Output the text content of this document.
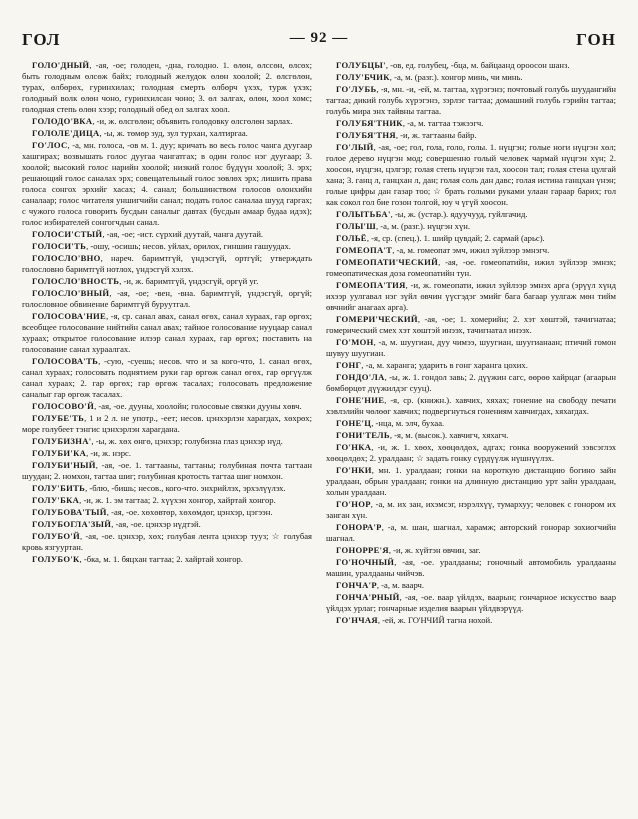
ГОЛ	— 92 —	ГОН

ГОЛО'ДНЫЙ, -ая, -ое; голоден, -дна, голодно. 1. өлөн, өлссөн, өлсөх; быть голодным өлсөж байх; голодный желудок өлөн хоолой; 2. өлсгөлөн, турах, өлбөрөх, гуринхилах; голодная смерть өлбөрч үхэх, турж үхэх; голодный волк өлөн чоно, гуринхилсан чоно; 3. өл залгах, өлөн, хоол хомс; голодная степь өлөн хээр; голодный обед өл залгах хоол.

ГОЛОДО'ВКА, -и, ж. өлсгөлөн; объявить голодовку өлсгөлөн зарлах.

ГОЛОЛЕ'ДИЦА, -ы, ж. төмөр зуд, зул турхан, халтиргаа.

ГО'ЛОС, -а, мн. голоса, -ов м. 1. дуу; кричать во весь голос чанга дуугаар хашгирах; возвышать голос дуугаа чангатгах; в один голос нэг дуугаар; 3. хоолой; высокий голос нарийн хоолой; низкий голос бүдүүн хоолой; 3. эрх; решающий голос саналах эрх; совещательный голос зөвлөх эрх; лишить права голоса сонгох эрхийг хасах; 4. санал; большинством голосов олонхийн саналаар; голос читателя уншигчийн санал; подать голос саналаа шууд гаргах; с чужого голоса говорить бусдын саналыг давтах (бусдын амаар будаа идэх); голос избирателей сонгогчдын санал.

ГОЛОСИ'СТЫЙ, -ая, -ое; -ист. сүрхий дуутай, чанга дуутай.

ГОЛОСИ'ТЬ, -ошу, -осишь; несов. уйлах, орилох, гиншин гашуудах.

ГОЛОСЛО'ВНО, нареч. баримтгүй, үндэсгүй, ортгүй; утверждать голословно баримтгүй нотлох, үндэсгүй хэлэх.

ГОЛОСЛО'ВНОСТЬ, -и, ж. баримтгүй, үндэсгүй, оргүй уг.

ГОЛОСЛО'ВНЫЙ, -ая, -ое; -вен, -вна. баримтгүй, үндэсгүй, оргүй; голословное обвинение баримтгүй буруутгал.

ГОЛОСОВА'НИЕ, -я, ср. санал авах, санал өгөх, санал хураах, гар өргөх; всеобщее голосование нийтийн санал авах; тайное голосование нууцаар санал хураах; открытое голосование илээр санал хураах, гар өргөх; поставить на голосование санал хураалгах.

ГОЛОСОВА'ТЬ, -сую, -суешь; несов. что и за кого-что, 1. санал өгөх, санал хураах; голосовать поднятием руки гар өргөж санал өгөх, гар өргүүлж санал хураах; 2. гар өргөх; гар өргөж тасалах; голосовать предложение саналыг гар өргөж тасалах.

ГОЛОСОВО'Й, -ая, -ое. дууны, хоолойн; голосовые связки дууны хөвч.

ГОЛУБЕ'ТЬ, 1 и 2 л. не употр., -еет; несов. цэнхэрлэн харагдах, хөхрөх; море голубеет тэнгис цэнхэрлэн харагдана.

ГОЛУБИЗНА', -ы, ж. хөх өнгө, цэнхэр; голубизна глаз цэнхэр нүд.

ГОЛУБИ'КА, -и, ж. нэрс.

ГОЛУБИ'НЫЙ, -ая, -ое. 1. тагтааны, тагтаны; голубиная почта тагтаан шуудан; 2. номхон, тагтаа шиг; голубиная кротость тагтаа шиг номхон.

ГОЛУ'БИТЬ, -блю, -бишь; несов., кого-что. энхрийлэх, эрхэлүүлэх.

ГОЛУ'БКА, -и, ж. 1. эм тагтаа; 2. хүүхэн хонгор, хайртай хонгор.

ГОЛУБОВА'ТЫЙ, -ая, -ое. хөхөвтөр, хөхөмдөг, цэнхэр, цэгээн.

ГОЛУБОГЛА'ЗЫЙ, -ая, -ое. цэнхэр нүдтэй.

ГОЛУБО'Й, -ая, -ое. цэнхэр, хөх; голубая лента цэнхэр тууз; ☆ голубая кровь язгууртан.

ГОЛУБО'К, -бка, м. 1. бяцхан тагтаа; 2. хайртай хонгор.

ГОЛУБЦЫ', -ов, ед. голубец, -бца, м. байцаанд ороосон шанз.

ГОЛУ'БЧИК, -а, м. (разг.). хонгор минь, чи минь.

ГО'ЛУБЬ, -я, мн. -и, -ей, м. тагтаа, хүрэгэнэ; почтовый голубь шуудангийн тагтаа; дикий голубь хүрэгэнэ, зэрлэг тагтаа; домашний голубь гэрийн тагтаа; голубь мира энх тайвны тагтаа.

ГОЛУБЯ'ТНИК, -а, м. тагтаа тэжээгч.

ГОЛУБЯ'ТНЯ, -и, ж. тагтааны байр.

ГО'ЛЫЙ, -ая, -ое; гол, гола, голо, голы. 1. нүцгэн; голые ноги нүцгэн хөл; голое дерево нүцгэн мод; совершенно голый человек чармай нүцгэн хүн; 2. хоосон, нүцгэн, цэлгэр; голая степь нүцгэн тал, хоосон тал; голая стена цулгай хана; 3. ганц л, ганцхан л, дан; голая соль дан давс; голая истина ганцхан үнэн; голые цифры дан газар тоо; ☆ брать голыми руками улаан гараар барих; гол как сокол гол бие гозон толгой, юу ч үгүй хоосон.

ГОЛЫТЬБА', -ы, ж. (устар.). ядуучууд, гуйлгачид.

ГОЛЫ'Ш, -а, м. (разг.). нүцгэн хүн.

ГОЛЬЁ, -я, ср. (спец.). 1. шийр цувдай; 2. сармай (арьс).

ГОМЕОПА'Т, -а, м. гомеопат эмч, ижил зүйлээр эмнэгч.

ГОМЕОПАТИ'ЧЕСКИЙ, -ая, -ое. гомеопатийн, ижил зүйлээр эмнэх; гомеопатическая доза гомеопатийн тун.

ГОМЕОПА'ТИЯ, -и, ж. гомеопати, ижил зүйлээр эмнэх арга (эрүүл хүнд ихээр уулгавал нэг зүйл өвчин үүсгэдэг эмийг бага багаар уулгаж мөн тийм өвчнийг анагаах арга).

ГОМЕРИ'ЧЕСКИЙ, -ая, -ое; 1. хомерийн; 2. хэт хөштэй, тачигнатаа; гомерический смех хэт хөштэй инээх, тачигнатал инээх.

ГО'МОН, -а, м. шуугиан, дуу чимээ, шуугиан, шуугианаан; птичий гомон шувуу шуугиан.

ГОНГ, -а, м. харанга; ударить в гонг харанга цохих.

ГОНДО'ЛА, -ы, ж. 1. гондол завь; 2. дүүжин сагс, өөрөө хайрцаг (агаарын бөмбөрцөт дүүжилдэг сууц).

ГОНЕ'НИЕ, -я, ср. (книжн.). хавчих, хяхах; гонение на свободу печати хэвлэлийн чөлөөг хавчих; подвергнуться гонениям хавчигдах, хяхагдах.

ГОНЕ'Ц, -нца, м. элч, бухаа.

ГОНИ'ТЕЛЬ, -я, м. (высок.). хавчигч, хяхагч.

ГО'НКА, -и, ж. 1. хөөх, хөөцөлдөх, адгах; гонка вооружений зэвсэглэх хөөцөлдөх; 2. уралдаан; ☆ задать гонку сүрдүүлж нүшнүүлэх.

ГО'НКИ, мн. 1. уралдаан; гонки на короткую дистанцию богино зайн уралдаан, обрын уралдаан; гонки на длинную дистанцию урт зайн уралдаан, холын уралдаан.

ГО'НОР, -а, м. их зан, ихэмсэг, нэрэлхүү, тумархуу; человек с гонором их занган хүн.

ГОНОРА'Р, -а, м. шан, шагнал, харамж; авторский гонорар зохиогчийн шагнал.

ГОНОРРЕ'Я, -и, ж. хүйтэн өвчин, заг.

ГО'НОЧНЫЙ, -ая, -ое. уралдааны; гоночный автомобиль уралдааны машин, уралдааны чийчэв.

ГОНЧА'Р, -а, м. ваарч.

ГОНЧА'РНЫЙ, -ая, -ое. ваар үйлдэх, ваарын; гончарное искусство ваар үйлдэх урлаг; гончарные изделия ваарын үйлдвэрүүд.

ГО'НЧАЯ, -ей, ж. ГО'НЧИЙ тагна нохой.
